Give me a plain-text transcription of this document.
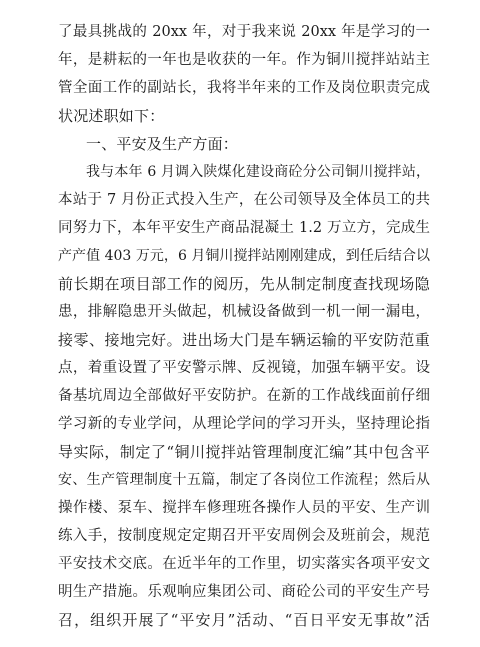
了最具挑战的 20xx 年，对于我来说 20xx 年是学习的一
年，是耕耘的一年也是收获的一年。作为铜川搅拌站站主
管全面工作的副站长，我将半年来的工作及岗位职责完成
状况述职如下：
一、平安及生产方面：
我与本年 6 月调入陕煤化建设商砼分公司铜川搅拌站，
本站于 7 月份正式投入生产，在公司领导及全体员工的共
同努力下，本年平安生产商品混凝土 1.2 万立方，完成生
产产值 403 万元，6 月铜川搅拌站刚刚建成，到任后结合以
前长期在项目部工作的阅历，先从制定制度查找现场隐
患，排解隐患开头做起，机械设备做到一机一闸一漏电，
接零、接地完好。进出场大门是车辆运输的平安防范重
点，着重设置了平安警示牌、反视镜，加强车辆平安。设
备基坑周边全部做好平安防护。在新的工作战线面前仔细
学习新的专业学问，从理论学问的学习开头，坚持理论指
导实际，制定了“铜川搅拌站管理制度汇编”其中包含平
安、生产管理制度十五篇，制定了各岗位工作流程；然后从
操作楼、泵车、搅拌车修理班各操作人员的平安、生产训
练入手，按制度规定定期召开平安周例会及班前会，规范
平安技术交底。在近半年的工作里，切实落实各项平安文
明生产措施。乐观响应集团公司、商砼公司的平安生产号
召，组织开展了“平安月”活动、“百日平安无事故”活
